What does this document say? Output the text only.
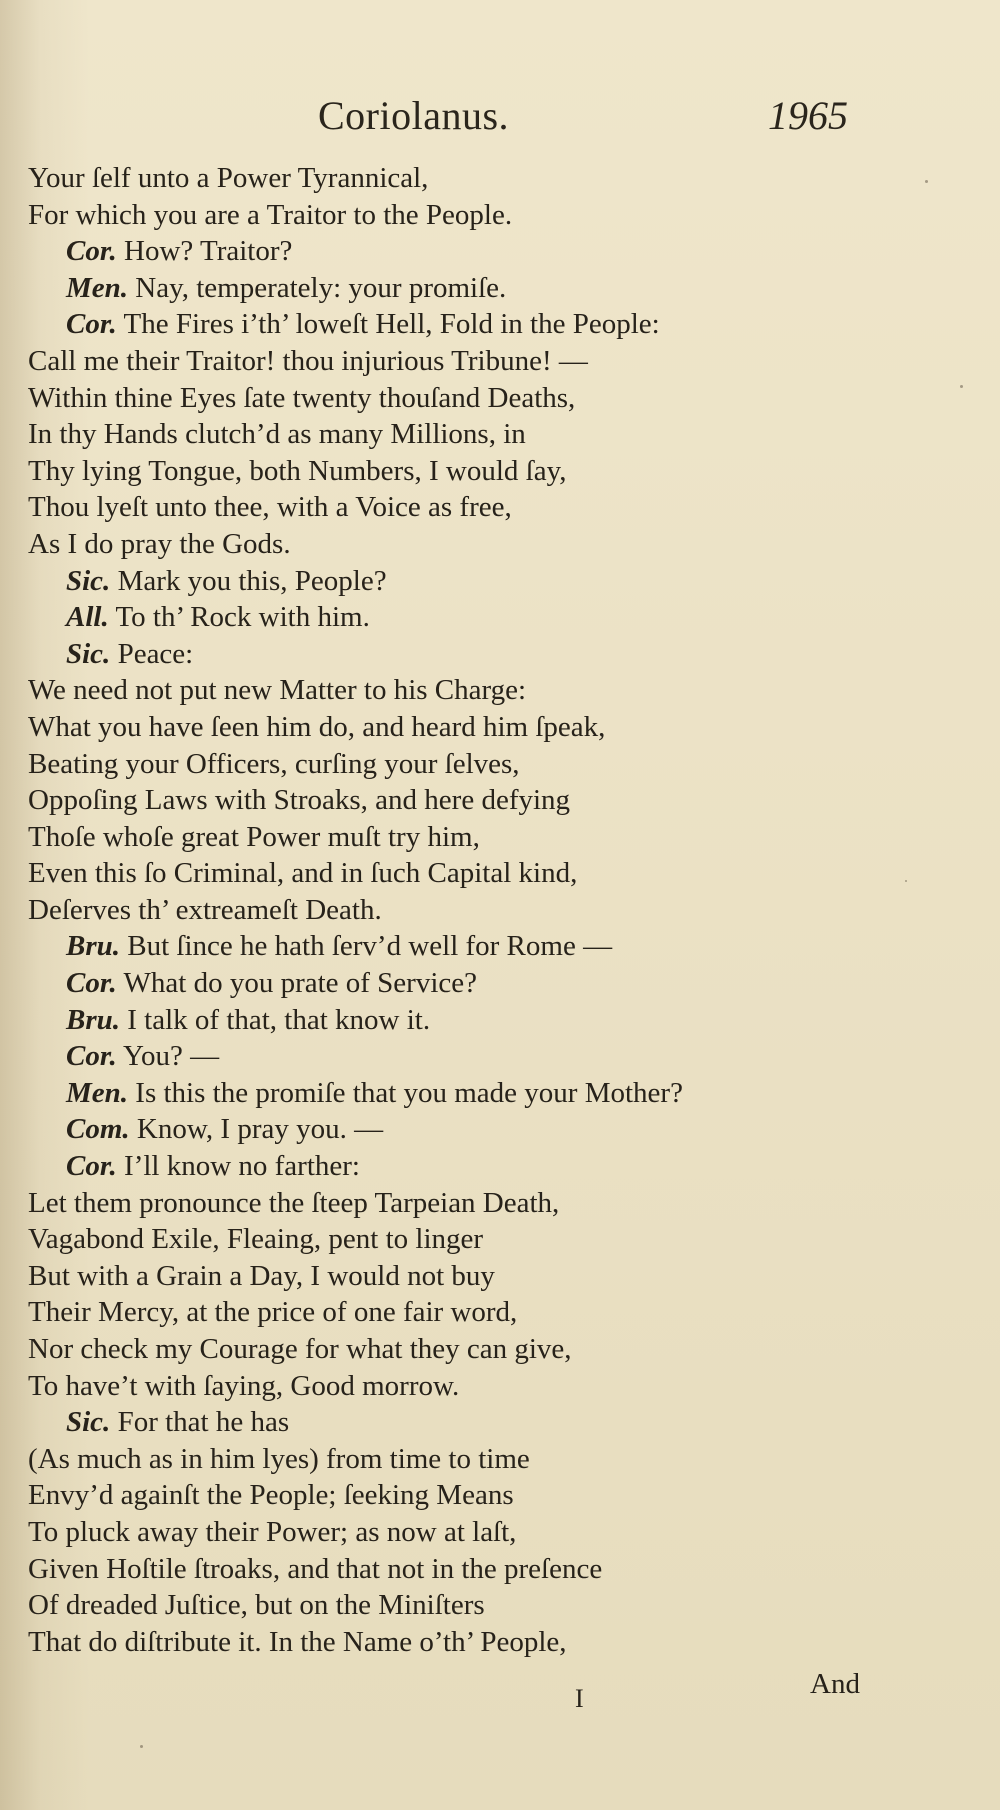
Coriolanus.	1965
Your ſelf unto a Power Tyrannical,
For which you are a Traitor to the People.
Cor. How? Traitor?
Men. Nay, temperately: your promiſe.
Cor. The Fires i’th’ loweſt Hell, Fold in the People:
Call me their Traitor! thou injurious Tribune! —
Within thine Eyes ſate twenty thouſand Deaths,
In thy Hands clutch’d as many Millions, in
Thy lying Tongue, both Numbers, I would ſay,
Thou lyeſt unto thee, with a Voice as free,
As I do pray the Gods.
Sic. Mark you this, People?
All. To th’ Rock with him.
Sic. Peace:
We need not put new Matter to his Charge:
What you have ſeen him do, and heard him ſpeak,
Beating your Officers, curſing your ſelves,
Oppoſing Laws with Stroaks, and here defying
Thoſe whoſe great Power muſt try him,
Even this ſo Criminal, and in ſuch Capital kind,
Deſerves th’ extreameſt Death.
Bru. But ſince he hath ſerv’d well for Rome —
Cor. What do you prate of Service?
Bru. I talk of that, that know it.
Cor. You? —
Men. Is this the promiſe that you made your Mother?
Com. Know, I pray you. —
Cor. I’ll know no farther:
Let them pronounce the ſteep Tarpeian Death,
Vagabond Exile, Fleaing, pent to linger
But with a Grain a Day, I would not buy
Their Mercy, at the price of one fair word,
Nor check my Courage for what they can give,
To have’t with ſaying, Good morrow.
Sic. For that he has
(As much as in him lyes) from time to time
Envy’d againſt the People; ſeeking Means
To pluck away their Power; as now at laſt,
Given Hoſtile ſtroaks, and that not in the preſence
Of dreaded Juſtice, but on the Miniſters
That do diſtribute it. In the Name o’th’ People,
I	And
